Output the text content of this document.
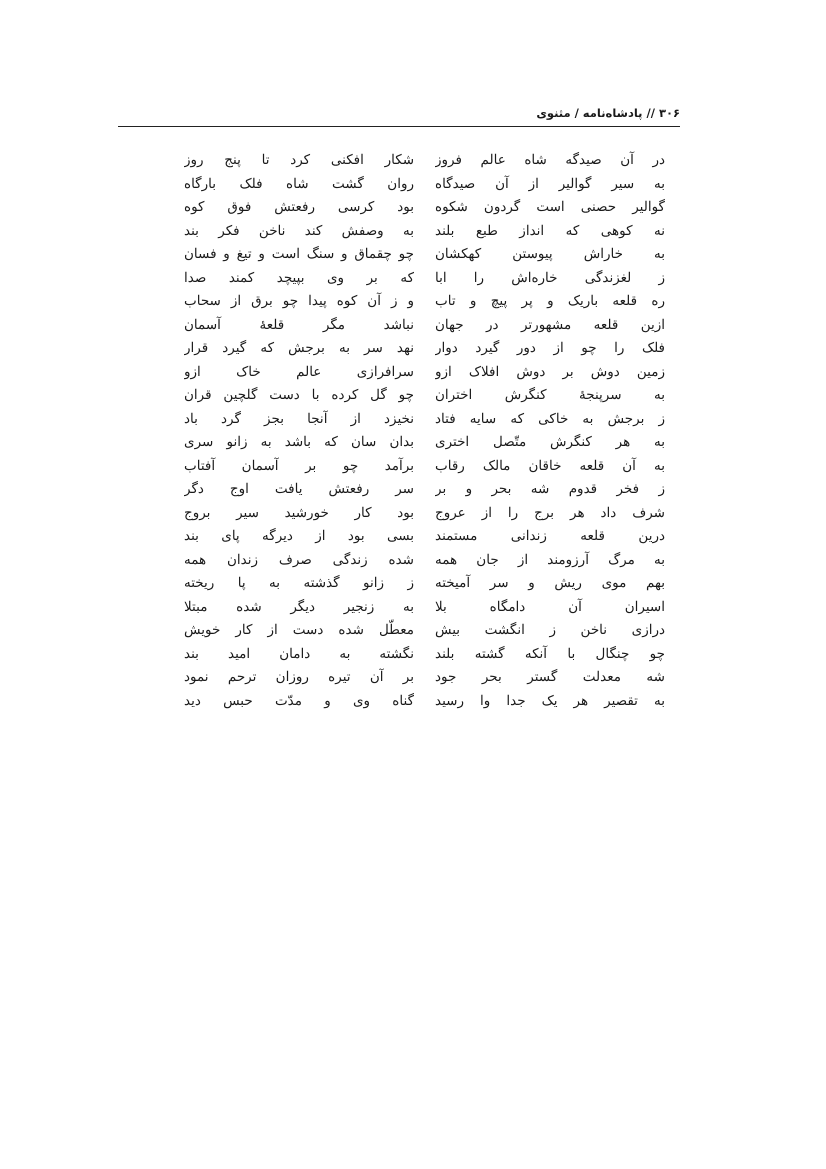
۳۰۶ // پادشاه‌نامه / مثنوی
در آن صیدگه شاه عالم فروز
به سیر گوالیر از آن صیدگاه
گوالیر حصنی است گردون شکوه
نه کوهی که انداز طبع بلند
به خاراش پیوستن کهکشان
ز لغزندگی خاره‌اش را ابا
ره قلعه باریک و پر پیچ و تاب
ازین قلعه مشهورتر در جهان
فلک را چو از دور گیرد دوار
زمین دوش بر دوش افلاک ازو
به سرپنجهٔ کنگرش اختران
ز برجش به خاکی که سایه فتاد
به هر کنگرش متّصل اختری
به آن قلعه خاقان مالک رقاب
ز فخر قدوم شه بحر و بر
شرف داد هر برج را از عروج
درین قلعه زندانی مستمند
به مرگ آرزومند از جان همه
بهم موی ریش و سر آمیخته
اسیران آن دامگاه بلا
درازی ناخن ز انگشت بیش
چو چنگال با آنکه گشته بلند
شه معدلت گستر بحر جود
به تقصیر هر یک جدا وا رسید
شکار افکنی کرد تا پنج روز
روان گشت شاه فلک بارگاه
بود کرسی رفعتش فوق کوه
به وصفش کند ناخن فکر بند
چو چقماق و سنگ است و تیغ و فسان
که بر وی بپیچد کمند صدا
و ز آن کوه پیدا چو برق از سحاب
نباشد مگر قلعهٔ آسمان
نهد سر به برجش که گیرد قرار
سرافرازی عالم خاک ازو
چو گل کرده با دست گلچین قران
نخیزد از آنجا بجز گرد باد
بدان سان که باشد به زانو سری
برآمد چو بر آسمان آفتاب
سر رفعتش یافت اوج دگر
بود کار خورشید سیر بروج
بسی بود از دیرگه پای بند
شده زندگی صرف زندان همه
ز زانو گذشته به پا ریخته
به زنجیر دیگر شده مبتلا
معطّل شده دست از کار خویش
نگشته به دامان امید بند
بر آن تیره روزان ترحم نمود
گناه وی و مدّت حبس دید
